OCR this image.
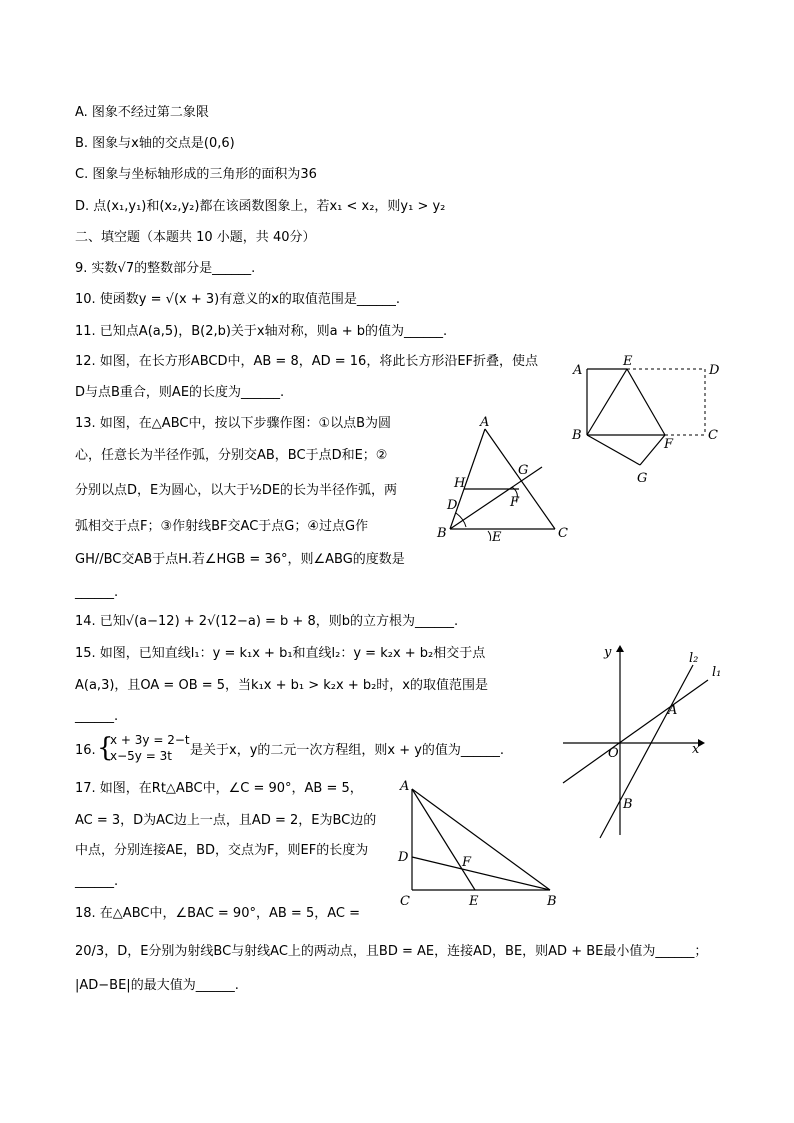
A. 图象不经过第二象限
B. 图象与x轴的交点是(0,6)
C. 图象与坐标轴形成的三角形的面积为36
D. 点(x₁,y₁)和(x₂,y₂)都在该函数图象上，若x₁ < x₂，则y₁ > y₂
二、填空题（本题共 10 小题，共 40分）
9. 实数√7的整数部分是______.
10. 使函数y = √(x + 3)有意义的x的取值范围是______.
11. 已知点A(a,5)，B(2,b)关于x轴对称，则a + b的值为______.
12. 如图，在长方形ABCD中，AB = 8，AD = 16，将此长方形沿EF折叠，使点
D与点B重合，则AE的长度为______.
13. 如图，在△ABC中，按以下步骤作图：①以点B为圆
心，任意长为半径作弧，分别交AB，BC于点D和E；②
分别以点D，E为圆心，以大于½DE的长为半径作弧，两
弧相交于点F；③作射线BF交AC于点G；④过点G作
GH//BC交AB于点H.若∠HGB = 36°，则∠ABG的度数是
______.
14. 已知√(a−12) + 2√(12−a) = b + 8，则b的立方根为______.
15. 如图，已知直线l₁：y = k₁x + b₁和直线l₂：y = k₂x + b₂相交于点
A(a,3)，且OA = OB = 5，当k₁x + b₁ > k₂x + b₂时，x的取值范围是
______.
16. {
x + 3y = 2−t
x−5y = 3t 是关于x，y的二元一次方程组，则x + y的值为______.
17. 如图，在Rt△ABC中，∠C = 90°，AB = 5，
AC = 3，D为AC边上一点，且AD = 2，E为BC边的
中点，分别连接AE，BD，交点为F，则EF的长度为
______.
18. 在△ABC中，∠BAC = 90°，AB = 5，AC =
20/3，D，E分别为射线BC与射线AC上的两动点，且BD = AE，连接AD，BE，则AD + BE最小值为______；
|AD−BE|的最大值为______.
A
E
D
B	C
F
G
A
H
G
D	F
B	E	C
x
y
O
A
B
l₂
l₁
A
D	F
C	E	B
